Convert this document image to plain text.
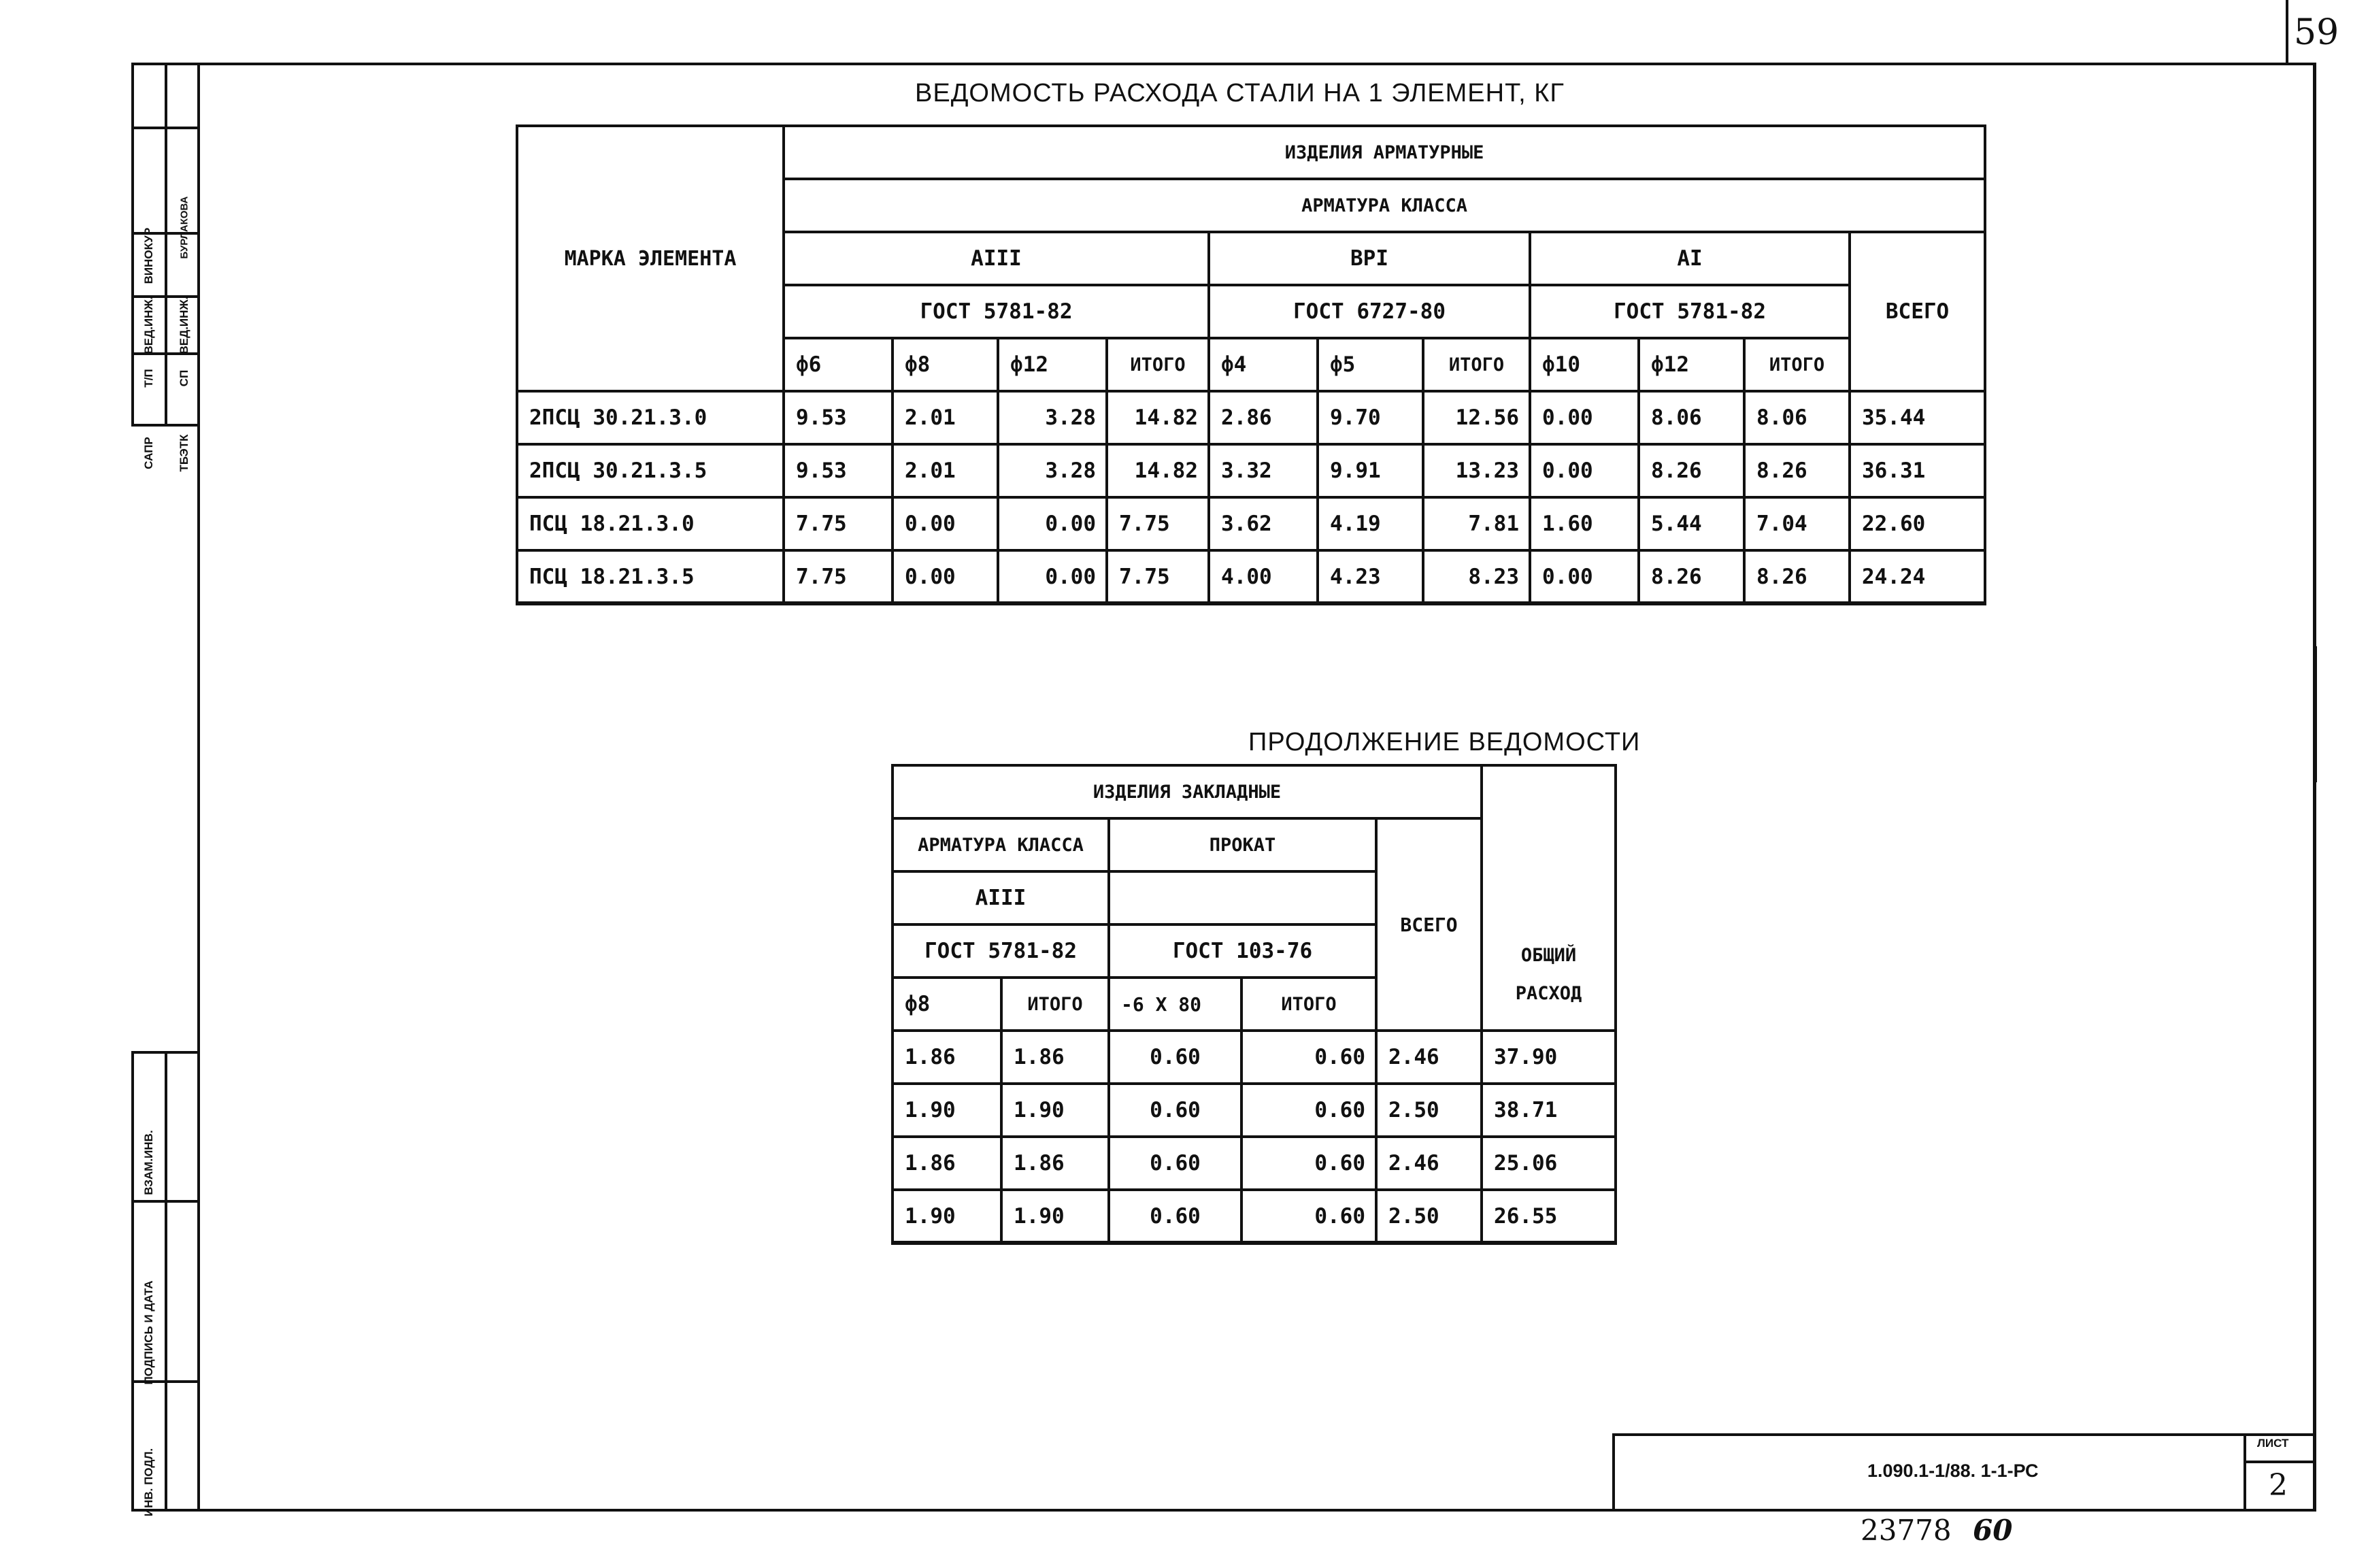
59
ВИНОКУР
ВЕД.ИНЖ.
Т/П
САПР
БУРЛАКОВА
ВЕД.ИНЖ.
СП
ТБЭТК
ВЗАМ.ИНВ.
ПОДПИСЬ И ДАТА
ИНВ. ПОДЛ.
ВЕДОМОСТЬ РАСХОДА СТАЛИ НА 1 ЭЛЕМЕНТ, КГ
МАРКА ЭЛЕМЕНТА	ИЗДЕЛИЯ АРМАТУРНЫЕ										
	АРМАТУРА КЛАССА										
	АIII				ВРI			АI			ВСЕГО
	ГОСТ 5781-82				ГОСТ 6727-80			ГОСТ 5781-82			
	ф6	ф8	ф12	ИТОГО	ф4	ф5	ИТОГО	ф10	ф12	ИТОГО	
2ПСЦ 30.21.3.0	9.53	2.01	3.28	14.82	2.86	9.70	12.56	0.00	8.06	8.06	35.44
2ПСЦ 30.21.3.5	9.53	2.01	3.28	14.82	3.32	9.91	13.23	0.00	8.26	8.26	36.31
ПСЦ 18.21.3.0	7.75	0.00	0.00	7.75	3.62	4.19	7.81	1.60	5.44	7.04	22.60
ПСЦ 18.21.3.5	7.75	0.00	0.00	7.75	4.00	4.23	8.23	0.00	8.26	8.26	24.24
ПРОДОЛЖЕНИЕ ВЕДОМОСТИ
ИЗДЕЛИЯ ЗАКЛАДНЫЕ					
АРМАТУРА КЛАССА		ПРОКАТ		ВСЕГО	
АIII					
ГОСТ 5781-82		ГОСТ 103-76			
ф8	ИТОГО	-6 Х 80	ИТОГО		ОБЩИЙ
РАСХОД

1.86	1.86	0.60	0.60	2.46	37.90
1.90	1.90	0.60	0.60	2.50	38.71
1.86	1.86	0.60	0.60	2.46	25.06
1.90	1.90	0.60	0.60	2.50	26.55
1.090.1-1/88. 1-1-РС
ЛИСТ
2
23778 60
